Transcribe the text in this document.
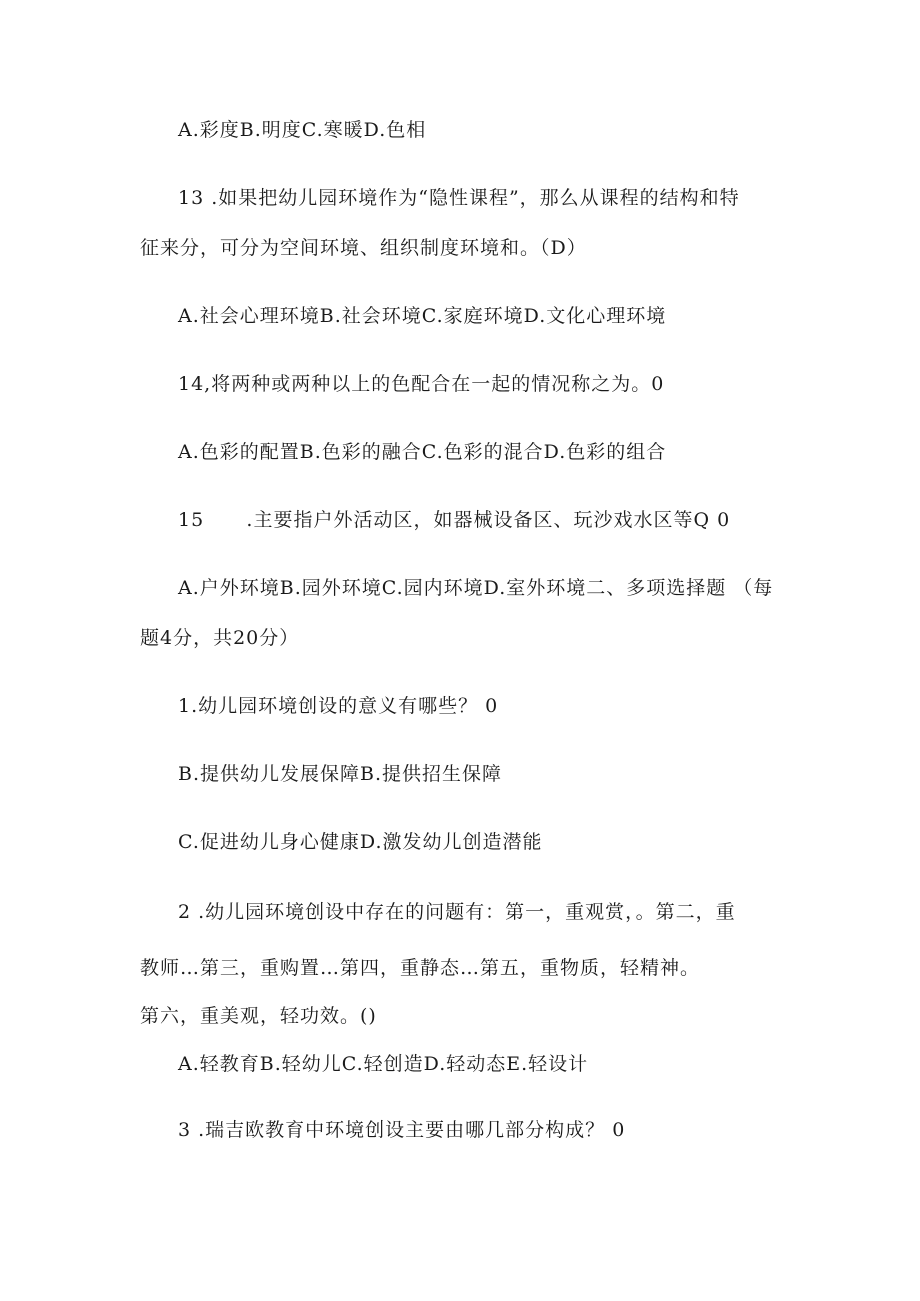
A.彩度B.明度C.寒暖D.色相
13 .如果把幼儿园环境作为“隐性课程”，那么从课程的结构和特
征来分，可分为空间环境、组织制度环境和。（D）
A.社会心理环境B.社会环境C.家庭环境D.文化心理环境
14,将两种或两种以上的色配合在一起的情况称之为。0
A.色彩的配置B.色彩的融合C.色彩的混合D.色彩的组合
15      .主要指户外活动区，如器械设备区、玩沙戏水区等Q 0
A.户外环境B.园外环境C.园内环境D.室外环境二、多项选择题 （每
题4分，共20分）
1.幼儿园环境创设的意义有哪些？ 0
B.提供幼儿发展保障B.提供招生保障
C.促进幼儿身心健康D.激发幼儿创造潜能
2 .幼儿园环境创设中存在的问题有：第一，重观赏，。第二，重
教师…第三，重购置…第四，重静态…第五，重物质，轻精神。
第六，重美观，轻功效。()
A.轻教育B.轻幼儿C.轻创造D.轻动态E.轻设计
3 .瑞吉欧教育中环境创设主要由哪几部分构成？ 0
